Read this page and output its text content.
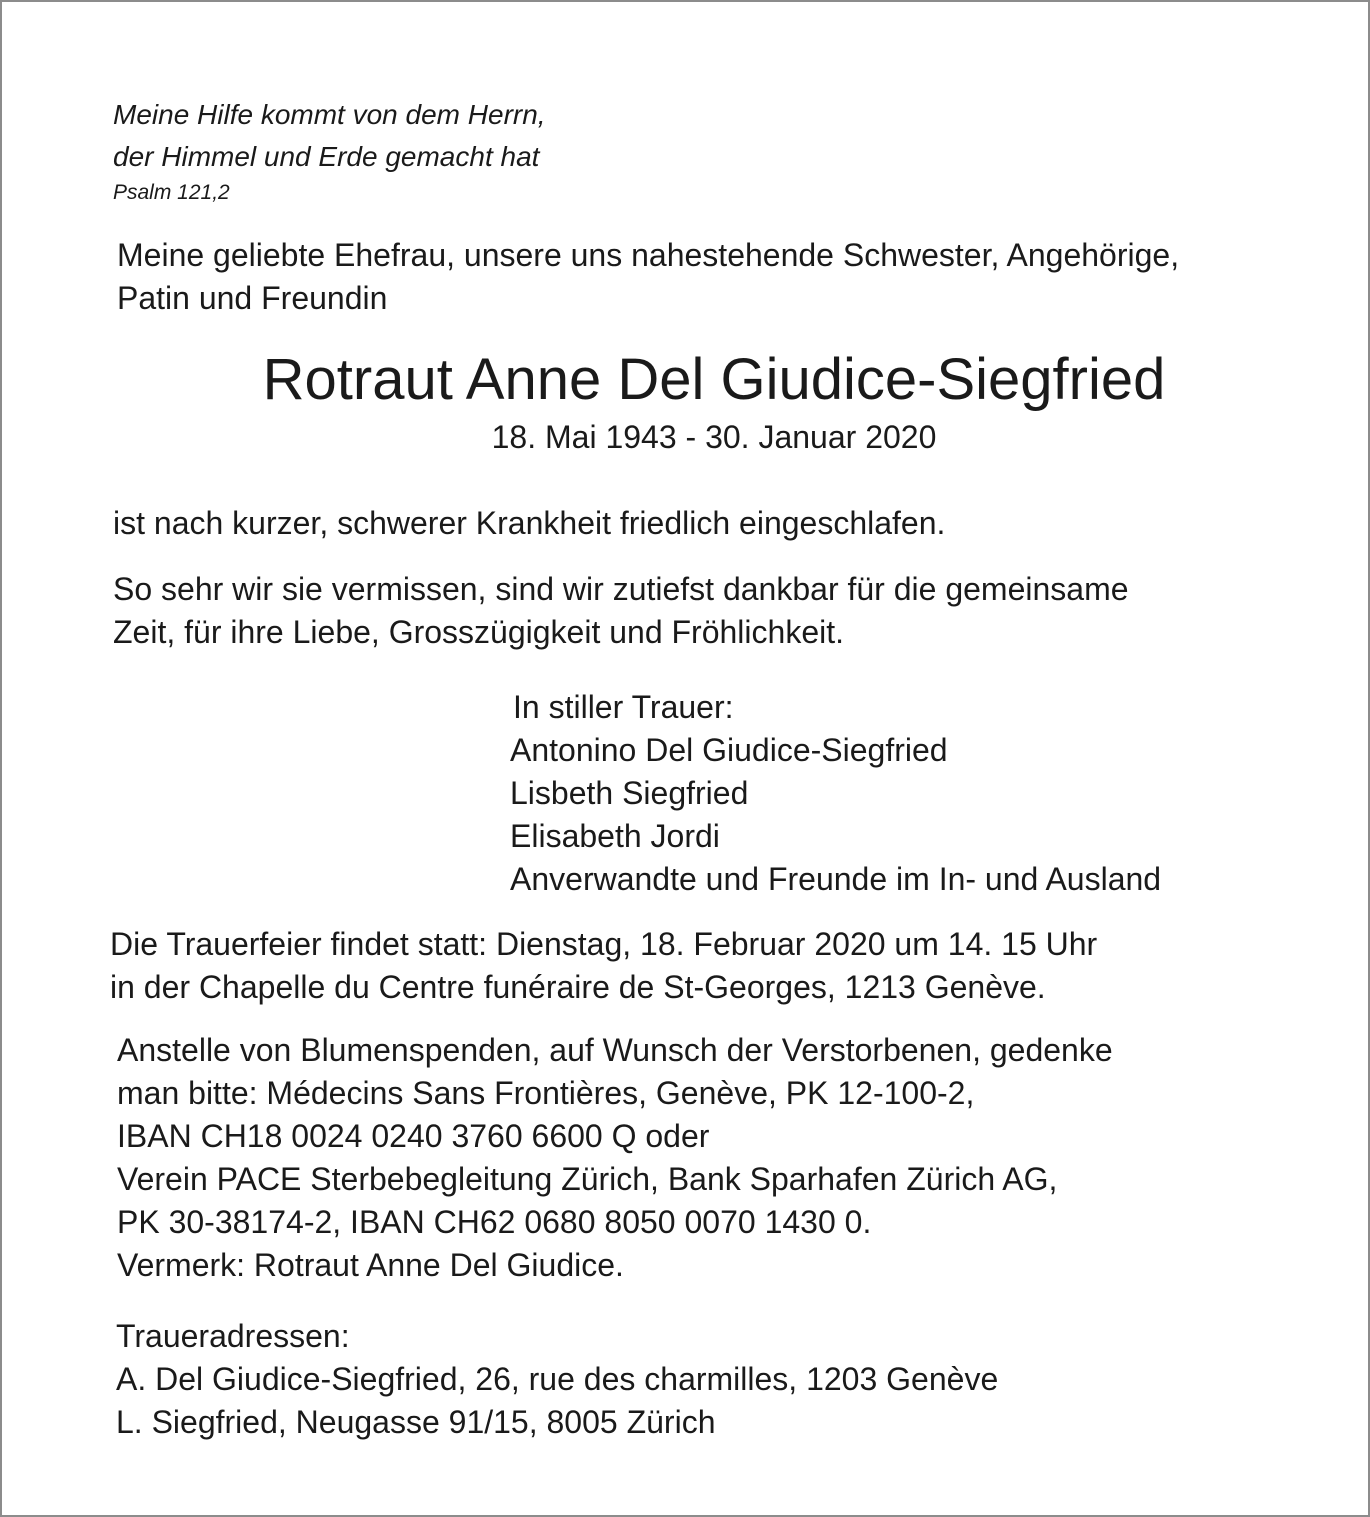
Meine Hilfe kommt von dem Herrn,
der Himmel und Erde gemacht hat
Psalm 121,2
Meine geliebte Ehefrau, unsere uns nahestehende Schwester, Angehörige,
Patin und Freundin
Rotraut Anne Del Giudice-Siegfried
18. Mai 1943 - 30. Januar 2020
ist nach kurzer, schwerer Krankheit friedlich eingeschlafen.
So sehr wir sie vermissen, sind wir zutiefst dankbar für die gemeinsame
Zeit, für ihre Liebe, Grosszügigkeit und Fröhlichkeit.
In stiller Trauer:
Antonino Del Giudice-Siegfried
Lisbeth Siegfried
Elisabeth Jordi
Anverwandte und Freunde im In- und Ausland
Die Trauerfeier findet statt: Dienstag, 18. Februar 2020 um 14. 15 Uhr
in der Chapelle du Centre funéraire de St-Georges, 1213 Genève.
Anstelle von Blumenspenden, auf Wunsch der Verstorbenen, gedenke
man bitte: Médecins Sans Frontières, Genève, PK 12-100-2,
IBAN CH18 0024 0240 3760 6600 Q oder
Verein PACE Sterbebegleitung Zürich, Bank Sparhafen Zürich AG,
PK 30-38174-2, IBAN CH62 0680 8050 0070 1430 0.
Vermerk: Rotraut Anne Del Giudice.
Traueradressen:
A. Del Giudice-Siegfried, 26, rue des charmilles, 1203 Genève
L. Siegfried, Neugasse 91/15, 8005 Zürich
